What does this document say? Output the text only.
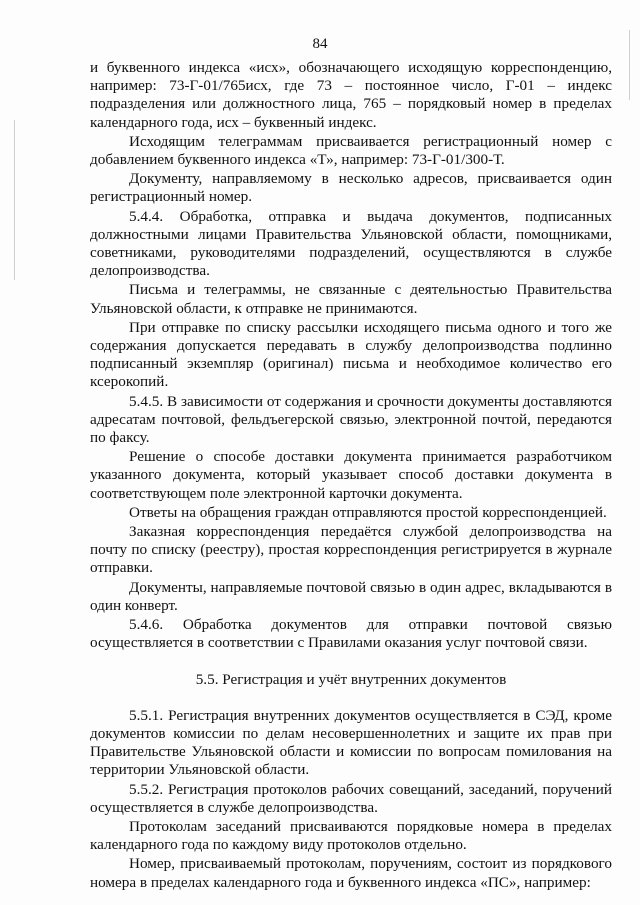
84

и буквенного индекса «исх», обозначающего исходящую корреспонденцию, например: 73-Г-01/765исх, где 73 – постоянное число, Г-01 – индекс подразделения или должностного лица, 765 – порядковый номер в пределах календарного года, исх – буквенный индекс.

Исходящим телеграммам присваивается регистрационный номер с добавлением буквенного индекса «Т», например: 73-Г-01/300-Т.

Документу, направляемому в несколько адресов, присваивается один регистрационный номер.

5.4.4. Обработка, отправка и выдача документов, подписанных должностными лицами Правительства Ульяновской области, помощниками, советниками, руководителями подразделений, осуществляются в службе делопроизводства.

Письма и телеграммы, не связанные с деятельностью Правительства Ульяновской области, к отправке не принимаются.

При отправке по списку рассылки исходящего письма одного и того же содержания допускается передавать в службу делопроизводства подлинно подписанный экземпляр (оригинал) письма и необходимое количество его ксерокопий.

5.4.5. В зависимости от содержания и срочности документы доставляются адресатам почтовой, фельдъегерской связью, электронной почтой, передаются по факсу.

Решение о способе доставки документа принимается разработчиком указанного документа, который указывает способ доставки документа в соответствующем поле электронной карточки документа.

Ответы на обращения граждан отправляются простой корреспонденцией.

Заказная корреспонденция передаётся службой делопроизводства на почту по списку (реестру), простая корреспонденция регистрируется в журнале отправки.

Документы, направляемые почтовой связью в один адрес, вкладываются в один конверт.

5.4.6. Обработка документов для отправки почтовой связью осуществляется в соответствии с Правилами оказания услуг почтовой связи.

5.5. Регистрация и учёт внутренних документов

5.5.1. Регистрация внутренних документов осуществляется в СЭД, кроме документов комиссии по делам несовершеннолетних и защите их прав при Правительстве Ульяновской области и комиссии по вопросам помилования на территории Ульяновской области.

5.5.2. Регистрация протоколов рабочих совещаний, заседаний, поручений осуществляется в службе делопроизводства.

Протоколам заседаний присваиваются порядковые номера в пределах календарного года по каждому виду протоколов отдельно.

Номер, присваиваемый протоколам, поручениям, состоит из порядкового номера в пределах календарного года и буквенного индекса «ПС», например:
